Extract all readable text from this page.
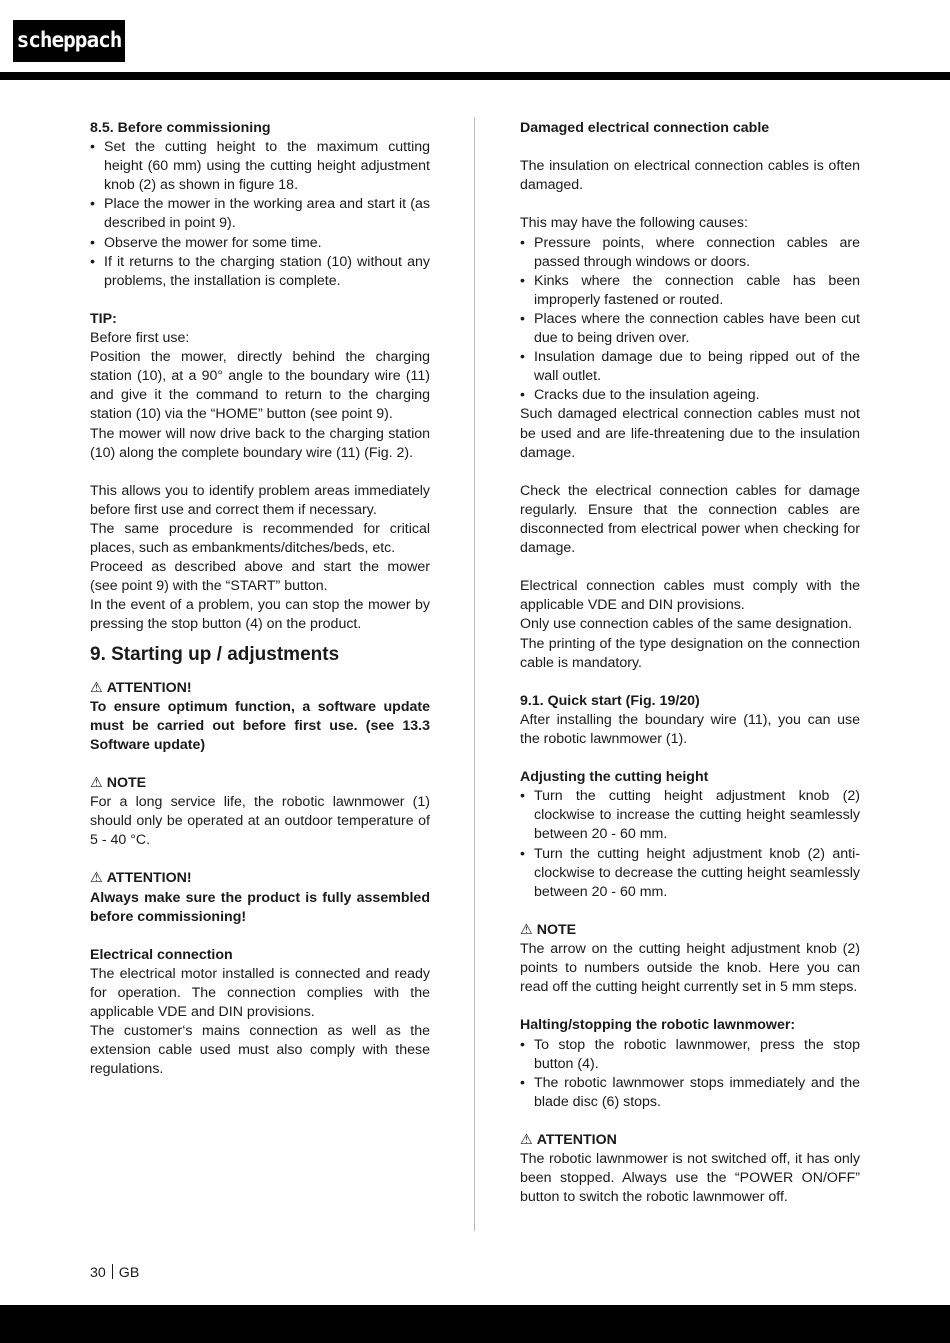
scheppach

8.5. Before commissioning

• Set the cutting height to the maximum cutting height (60 mm) using the cutting height adjustment knob (2) as shown in figure 18.
• Place the mower in the working area and start it (as described in point 9).
• Observe the mower for some time.
• If it returns to the charging station (10) without any problems, the installation is complete.

TIP:

Before first use:

Position the mower, directly behind the charging station (10), at a 90° angle to the boundary wire (11) and give it the command to return to the charging station (10) via the “HOME” button (see point 9).

The mower will now drive back to the charging station (10) along the complete boundary wire (11) (Fig. 2).

This allows you to identify problem areas immediately before first use and correct them if necessary.

The same procedure is recommended for critical places, such as embankments/ditches/beds, etc.

Proceed as described above and start the mower (see point 9) with the “START” button.

In the event of a problem, you can stop the mower by pressing the stop button (4) on the product.

9. Starting up / adjustments
⚠ ATTENTION!

To ensure optimum function, a software update must be carried out before first use. (see 13.3 Software update)

⚠ NOTE

For a long service life, the robotic lawnmower (1) should only be operated at an outdoor temperature of 5 - 40 °C.

⚠ ATTENTION!

Always make sure the product is fully assembled before commissioning!

Electrical connection

The electrical motor installed is connected and ready for operation. The connection complies with the applicable VDE and DIN provisions.

The customer‘s mains connection as well as the extension cable used must also comply with these regulations.

Damaged electrical connection cable

The insulation on electrical connection cables is often damaged.

This may have the following causes:

• Pressure points, where connection cables are passed through windows or doors.
• Kinks where the connection cable has been improperly fastened or routed.
• Places where the connection cables have been cut due to being driven over.
• Insulation damage due to being ripped out of the wall outlet.
• Cracks due to the insulation ageing.

Such damaged electrical connection cables must not be used and are life-threatening due to the insulation damage.

Check the electrical connection cables for damage regularly. Ensure that the connection cables are disconnected from electrical power when checking for damage.

Electrical connection cables must comply with the applicable VDE and DIN provisions.

Only use connection cables of the same designation.

The printing of the type designation on the connection cable is mandatory.

9.1. Quick start (Fig. 19/20)

After installing the boundary wire (11), you can use the robotic lawnmower (1).

Adjusting the cutting height

• Turn the cutting height adjustment knob (2) clockwise to increase the cutting height seamlessly between 20 - 60 mm.
• Turn the cutting height adjustment knob (2) anti-clockwise to decrease the cutting height seamlessly between 20 - 60 mm.
⚠ NOTE

The arrow on the cutting height adjustment knob (2) points to numbers outside the knob. Here you can read off the cutting height currently set in 5 mm steps.

Halting/stopping the robotic lawnmower:

• To stop the robotic lawnmower, press the stop button (4).
• The robotic lawnmower stops immediately and the blade disc (6) stops.
⚠ ATTENTION

The robotic lawnmower is not switched off, it has only been stopped. Always use the “POWER ON/OFF” button to switch the robotic lawnmower off.

30 GB
